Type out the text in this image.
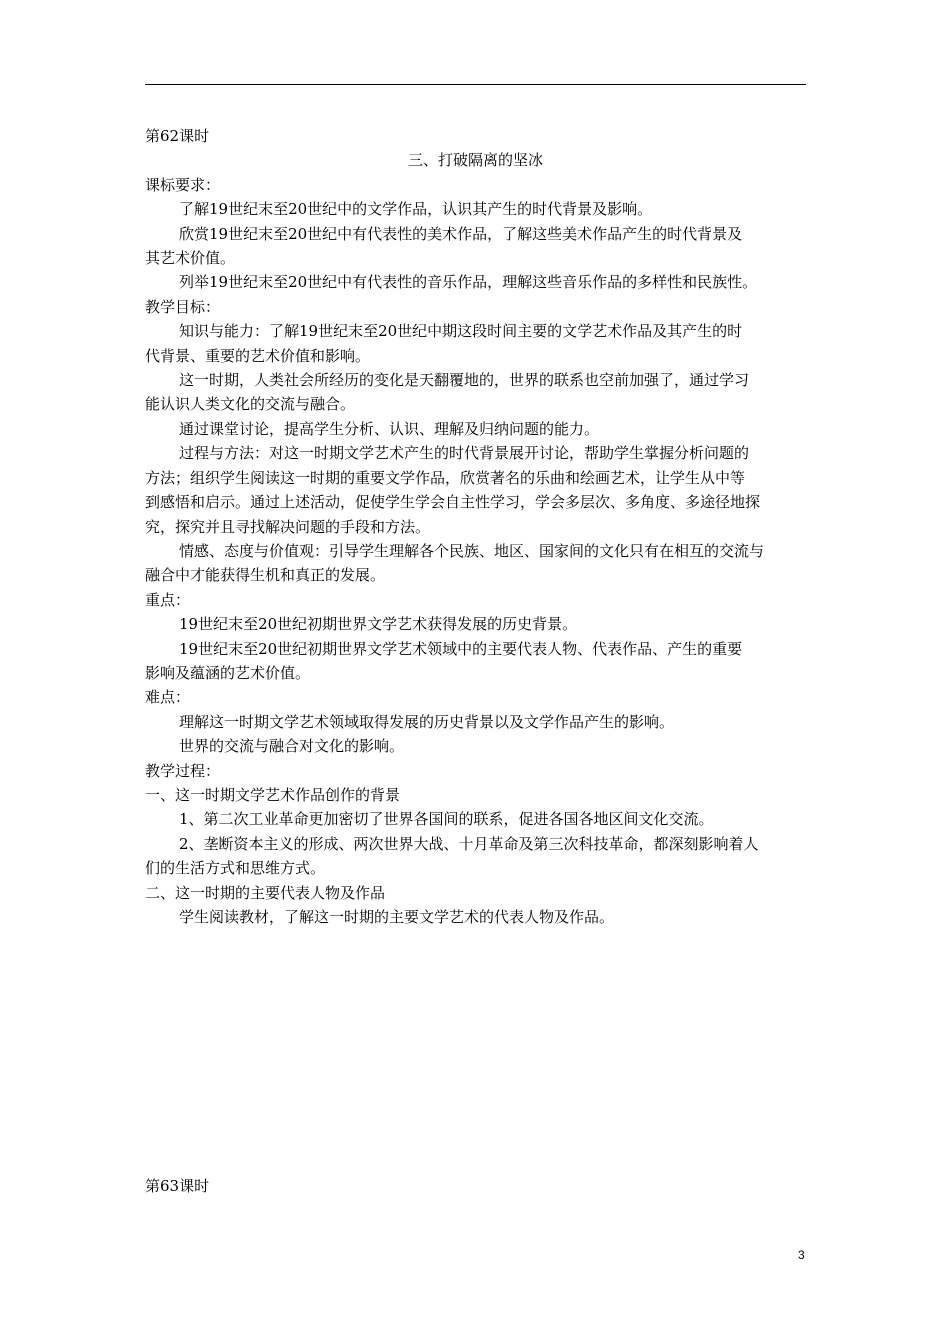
第62课时
三、打破隔离的坚冰
课标要求：
了解19世纪末至20世纪中的文学作品，认识其产生的时代背景及影响。
欣赏19世纪末至20世纪中有代表性的美术作品，了解这些美术作品产生的时代背景及
其艺术价值。
列举19世纪末至20世纪中有代表性的音乐作品，理解这些音乐作品的多样性和民族性。
教学目标：
知识与能力：了解19世纪末至20世纪中期这段时间主要的文学艺术作品及其产生的时
代背景、重要的艺术价值和影响。
这一时期，人类社会所经历的变化是天翻覆地的，世界的联系也空前加强了，通过学习
能认识人类文化的交流与融合。
通过课堂讨论，提高学生分析、认识、理解及归纳问题的能力。
过程与方法：对这一时期文学艺术产生的时代背景展开讨论，帮助学生掌握分析问题的
方法；组织学生阅读这一时期的重要文学作品，欣赏著名的乐曲和绘画艺术，让学生从中等
到感悟和启示。通过上述活动，促使学生学会自主性学习，学会多层次、多角度、多途径地探
究，探究并且寻找解决问题的手段和方法。
情感、态度与价值观：引导学生理解各个民族、地区、国家间的文化只有在相互的交流与
融合中才能获得生机和真正的发展。
重点：
19世纪末至20世纪初期世界文学艺术获得发展的历史背景。
19世纪末至20世纪初期世界文学艺术领域中的主要代表人物、代表作品、产生的重要
影响及蕴涵的艺术价值。
难点：
理解这一时期文学艺术领域取得发展的历史背景以及文学作品产生的影响。
世界的交流与融合对文化的影响。
教学过程：
一、这一时期文学艺术作品创作的背景
1、第二次工业革命更加密切了世界各国间的联系，促进各国各地区间文化交流。
2、垄断资本主义的形成、两次世界大战、十月革命及第三次科技革命，都深刻影响着人
们的生活方式和思维方式。
二、这一时期的主要代表人物及作品
学生阅读教材，了解这一时期的主要文学艺术的代表人物及作品。
第63课时
3
